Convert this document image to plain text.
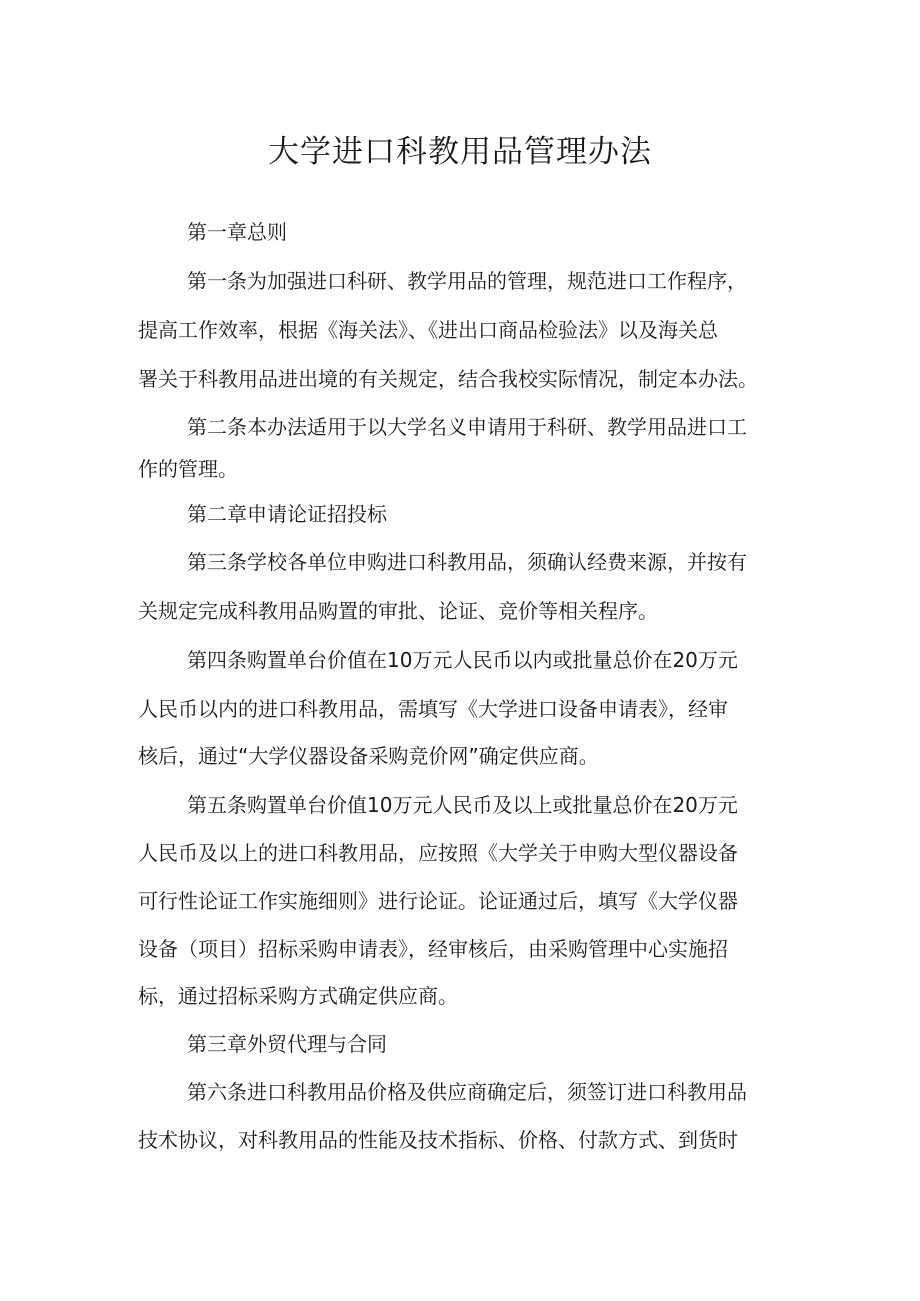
大学进口科教用品管理办法

第一章总则

第一条为加强进口科研、教学用品的管理，规范进口工作程序，

提高工作效率，根据《海关法》、《进出口商品检验法》以及海关总

署关于科教用品进出境的有关规定，结合我校实际情况，制定本办法。

第二条本办法适用于以大学名义申请用于科研、教学用品进口工

作的管理。

第二章申请论证招投标

第三条学校各单位申购进口科教用品，须确认经费来源，并按有

关规定完成科教用品购置的审批、论证、竞价等相关程序。

第四条购置单台价值在10万元人民币以内或批量总价在20万元

人民币以内的进口科教用品，需填写《大学进口设备申请表》，经审

核后，通过“大学仪器设备采购竞价网”确定供应商。

第五条购置单台价值10万元人民币及以上或批量总价在20万元

人民币及以上的进口科教用品，应按照《大学关于申购大型仪器设备

可行性论证工作实施细则》进行论证。论证通过后，填写《大学仪器

设备（项目）招标采购申请表》，经审核后，由采购管理中心实施招

标，通过招标采购方式确定供应商。

第三章外贸代理与合同

第六条进口科教用品价格及供应商确定后，须签订进口科教用品

技术协议，对科教用品的性能及技术指标、价格、付款方式、到货时
